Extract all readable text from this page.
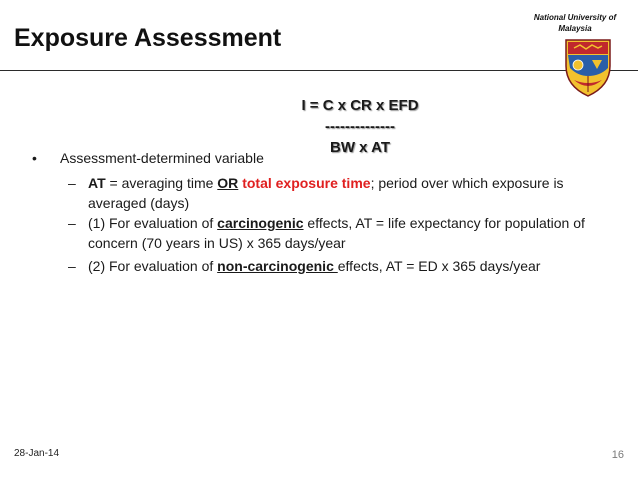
Exposure Assessment
National University of
Malaysia
I = C x CR x EFD
--------------
BW x AT
• Assessment-determined variable
– AT = averaging time OR total exposure time; period over which exposure is averaged (days)
– (1) For evaluation of carcinogenic effects, AT = life expectancy for population of concern (70 years in US) x 365 days/year
– (2) For evaluation of non-carcinogenic effects, AT = ED x 365 days/year
28-Jan-14	16
